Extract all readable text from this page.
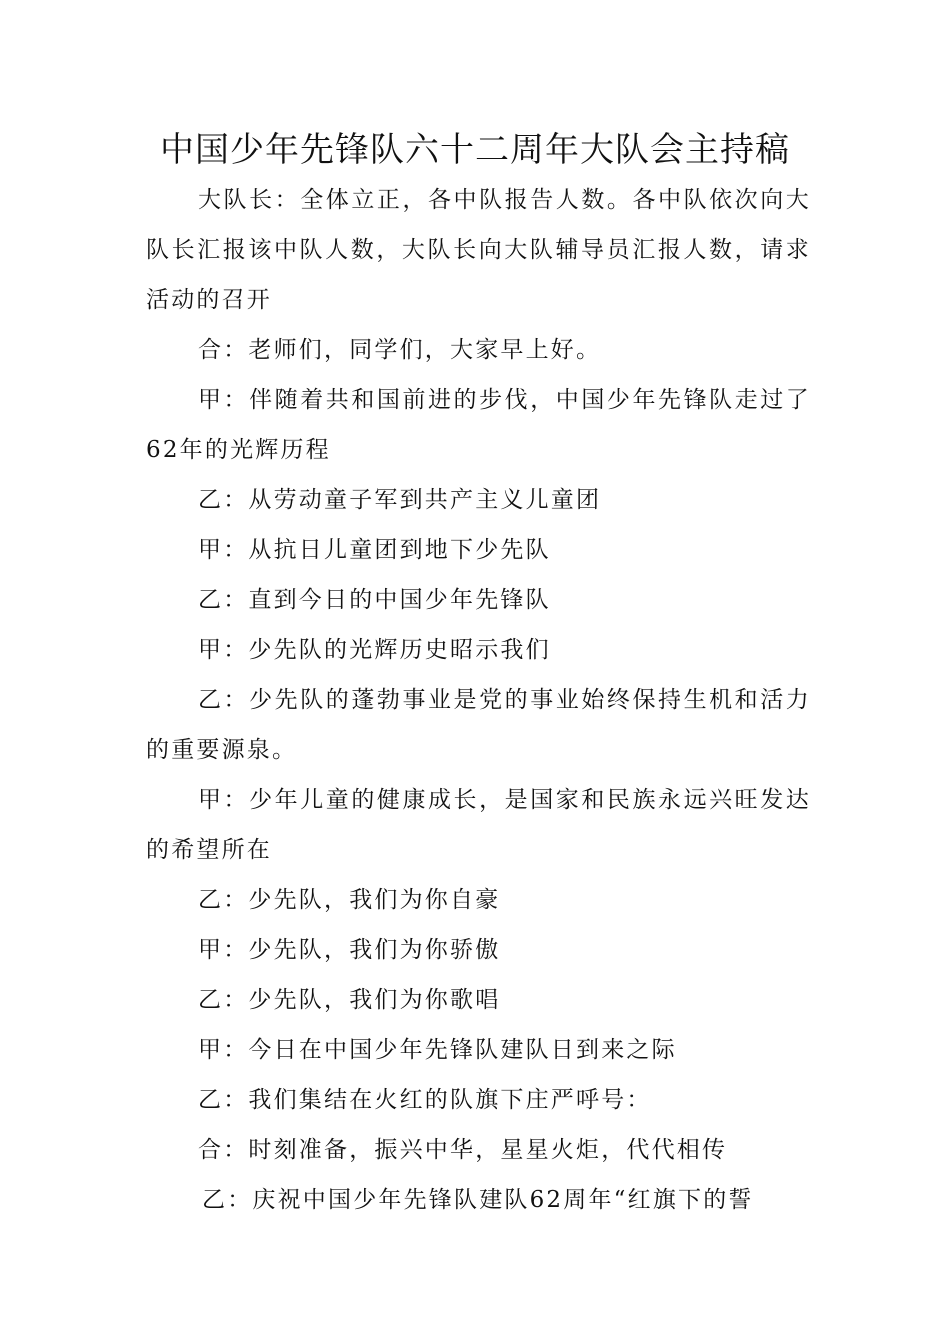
中国少年先锋队六十二周年大队会主持稿

大队长：全体立正，各中队报告人数。各中队依次向大队长汇报该中队人数，大队长向大队辅导员汇报人数，请求活动的召开

合：老师们，同学们，大家早上好。

甲：伴随着共和国前进的步伐，中国少年先锋队走过了62年的光辉历程

乙：从劳动童子军到共产主义儿童团

甲：从抗日儿童团到地下少先队

乙：直到今日的中国少年先锋队

甲：少先队的光辉历史昭示我们

乙：少先队的蓬勃事业是党的事业始终保持生机和活力的重要源泉。

甲：少年儿童的健康成长，是国家和民族永远兴旺发达的希望所在

乙：少先队，我们为你自豪

甲：少先队，我们为你骄傲

乙：少先队，我们为你歌唱

甲：今日在中国少年先锋队建队日到来之际

乙：我们集结在火红的队旗下庄严呼号：

合：时刻准备，振兴中华，星星火炬，代代相传

乙：庆祝中国少年先锋队建队62周年“红旗下的誓
